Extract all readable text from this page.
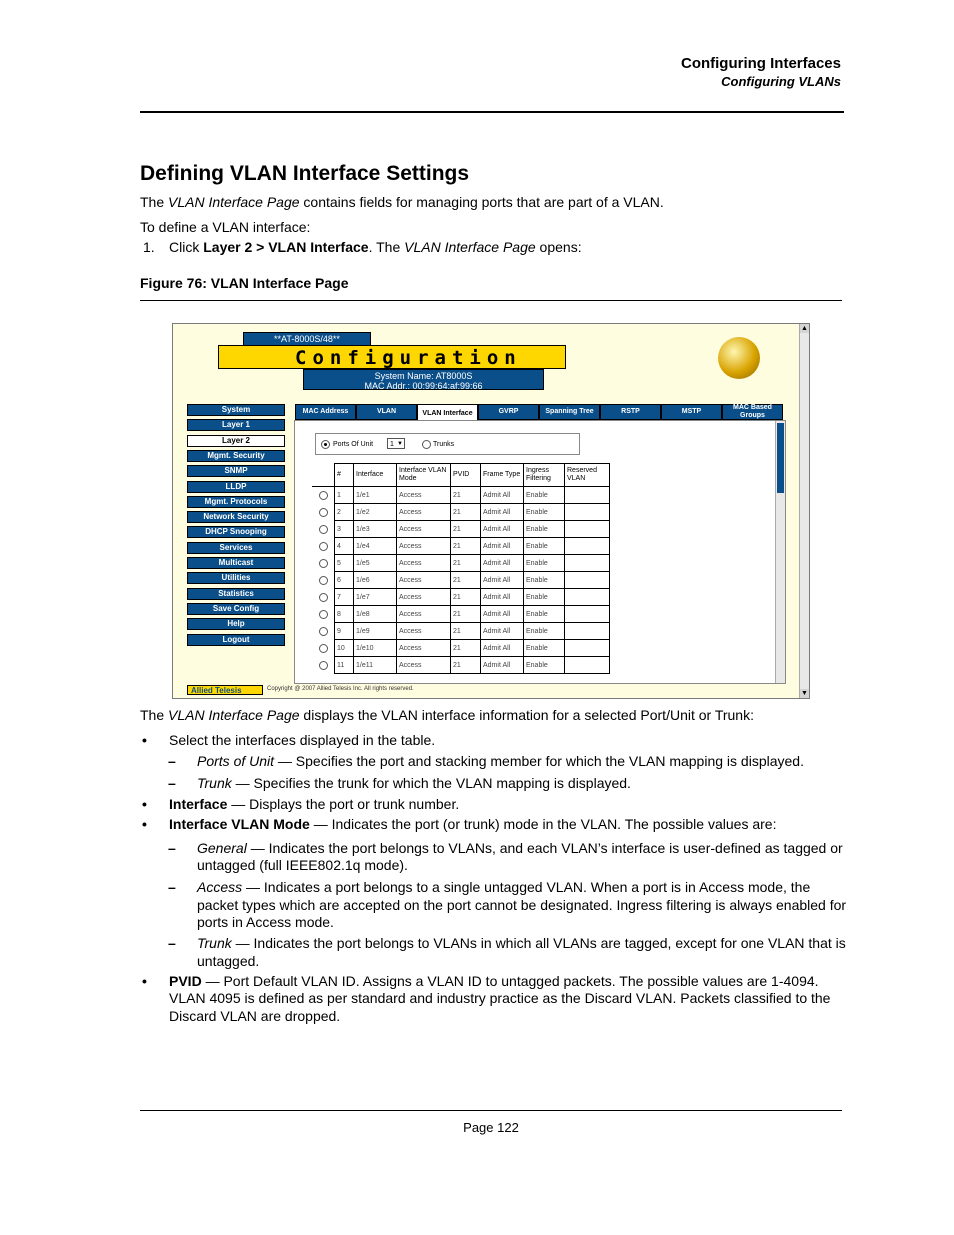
Configuring Interfaces
Configuring VLANs
Defining VLAN Interface Settings
The VLAN Interface Page contains fields for managing ports that are part of a VLAN.
To define a VLAN interface:
1. Click Layer 2 > VLAN Interface. The VLAN Interface Page opens:
Figure 76: VLAN Interface Page
▲
▼
**AT-8000S/48**
Configuration
System Name: AT8000S
MAC Addr.: 00:99:64:af:99:66
System
Layer 1
Layer 2
Mgmt. Security
SNMP
LLDP
Mgmt. Protocols
Network Security
DHCP Snooping
Services
Multicast
Utilities
Statistics
Save Config
Help
Logout
MAC Address	VLAN	VLAN Interface	GVRP	Spanning Tree	RSTP	MSTP
MAC Based Groups
Ports Of Unit	1 ▼	Trunks
	#	Interface	Interface VLAN Mode	PVID	Frame Type	Ingress Filtering	Reserved VLAN
	1	1/e1	Access	21	Admit All	Enable	
	2	1/e2	Access	21	Admit All	Enable	
	3	1/e3	Access	21	Admit All	Enable	
	4	1/e4	Access	21	Admit All	Enable	
	5	1/e5	Access	21	Admit All	Enable	
	6	1/e6	Access	21	Admit All	Enable	
	7	1/e7	Access	21	Admit All	Enable	
	8	1/e8	Access	21	Admit All	Enable	
	9	1/e9	Access	21	Admit All	Enable	
	10	1/e10	Access	21	Admit All	Enable	
	11	1/e11	Access	21	Admit All	Enable	
Allied Telesis	Copyright @ 2007 Allied Telesis Inc. All rights reserved.
The VLAN Interface Page displays the VLAN interface information for a selected Port/Unit or Trunk:
• Select the interfaces displayed in the table.
– Ports of Unit — Specifies the port and stacking member for which the VLAN mapping is displayed.
– Trunk — Specifies the trunk for which the VLAN mapping is displayed.
• Interface — Displays the port or trunk number.
• Interface VLAN Mode — Indicates the port (or trunk) mode in the VLAN. The possible values are:
– General — Indicates the port belongs to VLANs, and each VLAN’s interface is user-defined as tagged or
untagged (full IEEE802.1q mode).
– Access — Indicates a port belongs to a single untagged VLAN. When a port is in Access mode, the
packet types which are accepted on the port cannot be designated. Ingress filtering is always enabled for
ports in Access mode.
– Trunk — Indicates the port belongs to VLANs in which all VLANs are tagged, except for one VLAN that is
untagged.
• PVID — Port Default VLAN ID. Assigns a VLAN ID to untagged packets. The possible values are 1-4094.
VLAN 4095 is defined as per standard and industry practice as the Discard VLAN. Packets classified to the
Discard VLAN are dropped.
Page 122
